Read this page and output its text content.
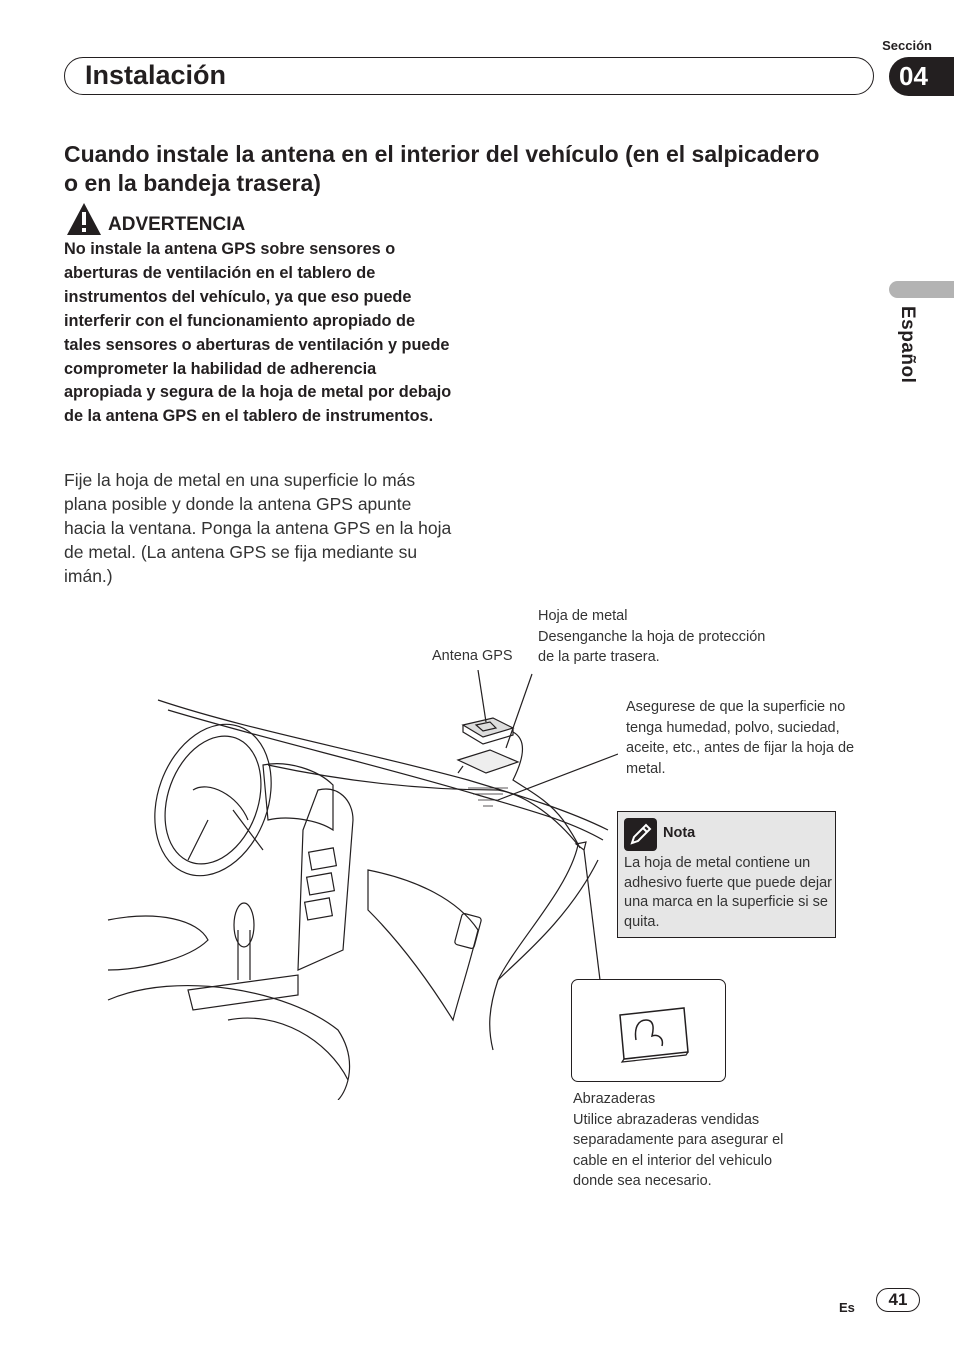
Sección
Instalación	04
Español
Cuando instale la antena en el interior del vehículo (en el salpicadero o en la bandeja trasera)
ADVERTENCIA
No instale la antena GPS sobre sensores o aberturas de ventilación en el tablero de instrumentos del vehículo, ya que eso puede interferir con el funcionamiento apropiado de tales sensores o aberturas de ventilación y puede comprometer la habilidad de adherencia apropiada y segura de la hoja de metal por debajo de la antena GPS en el tablero de instrumentos.
Fije la hoja de metal en una superficie lo más plana posible y donde la antena GPS apunte hacia la ventana. Ponga la antena GPS en la hoja de metal. (La antena GPS se fija mediante su imán.)
Antena GPS
Hoja de metal
Desenganche la hoja de protección de la parte trasera.
Asegurese de que la superficie no tenga humedad, polvo, suciedad, aceite, etc., antes de fijar la hoja de metal.
Nota
La hoja de metal contiene un adhesivo fuerte que puede dejar una marca en la superficie si se quita.
Abrazaderas
Utilice abrazaderas vendidas separadamente para asegurar el cable en el interior del vehiculo donde sea necesario.
Es	41
